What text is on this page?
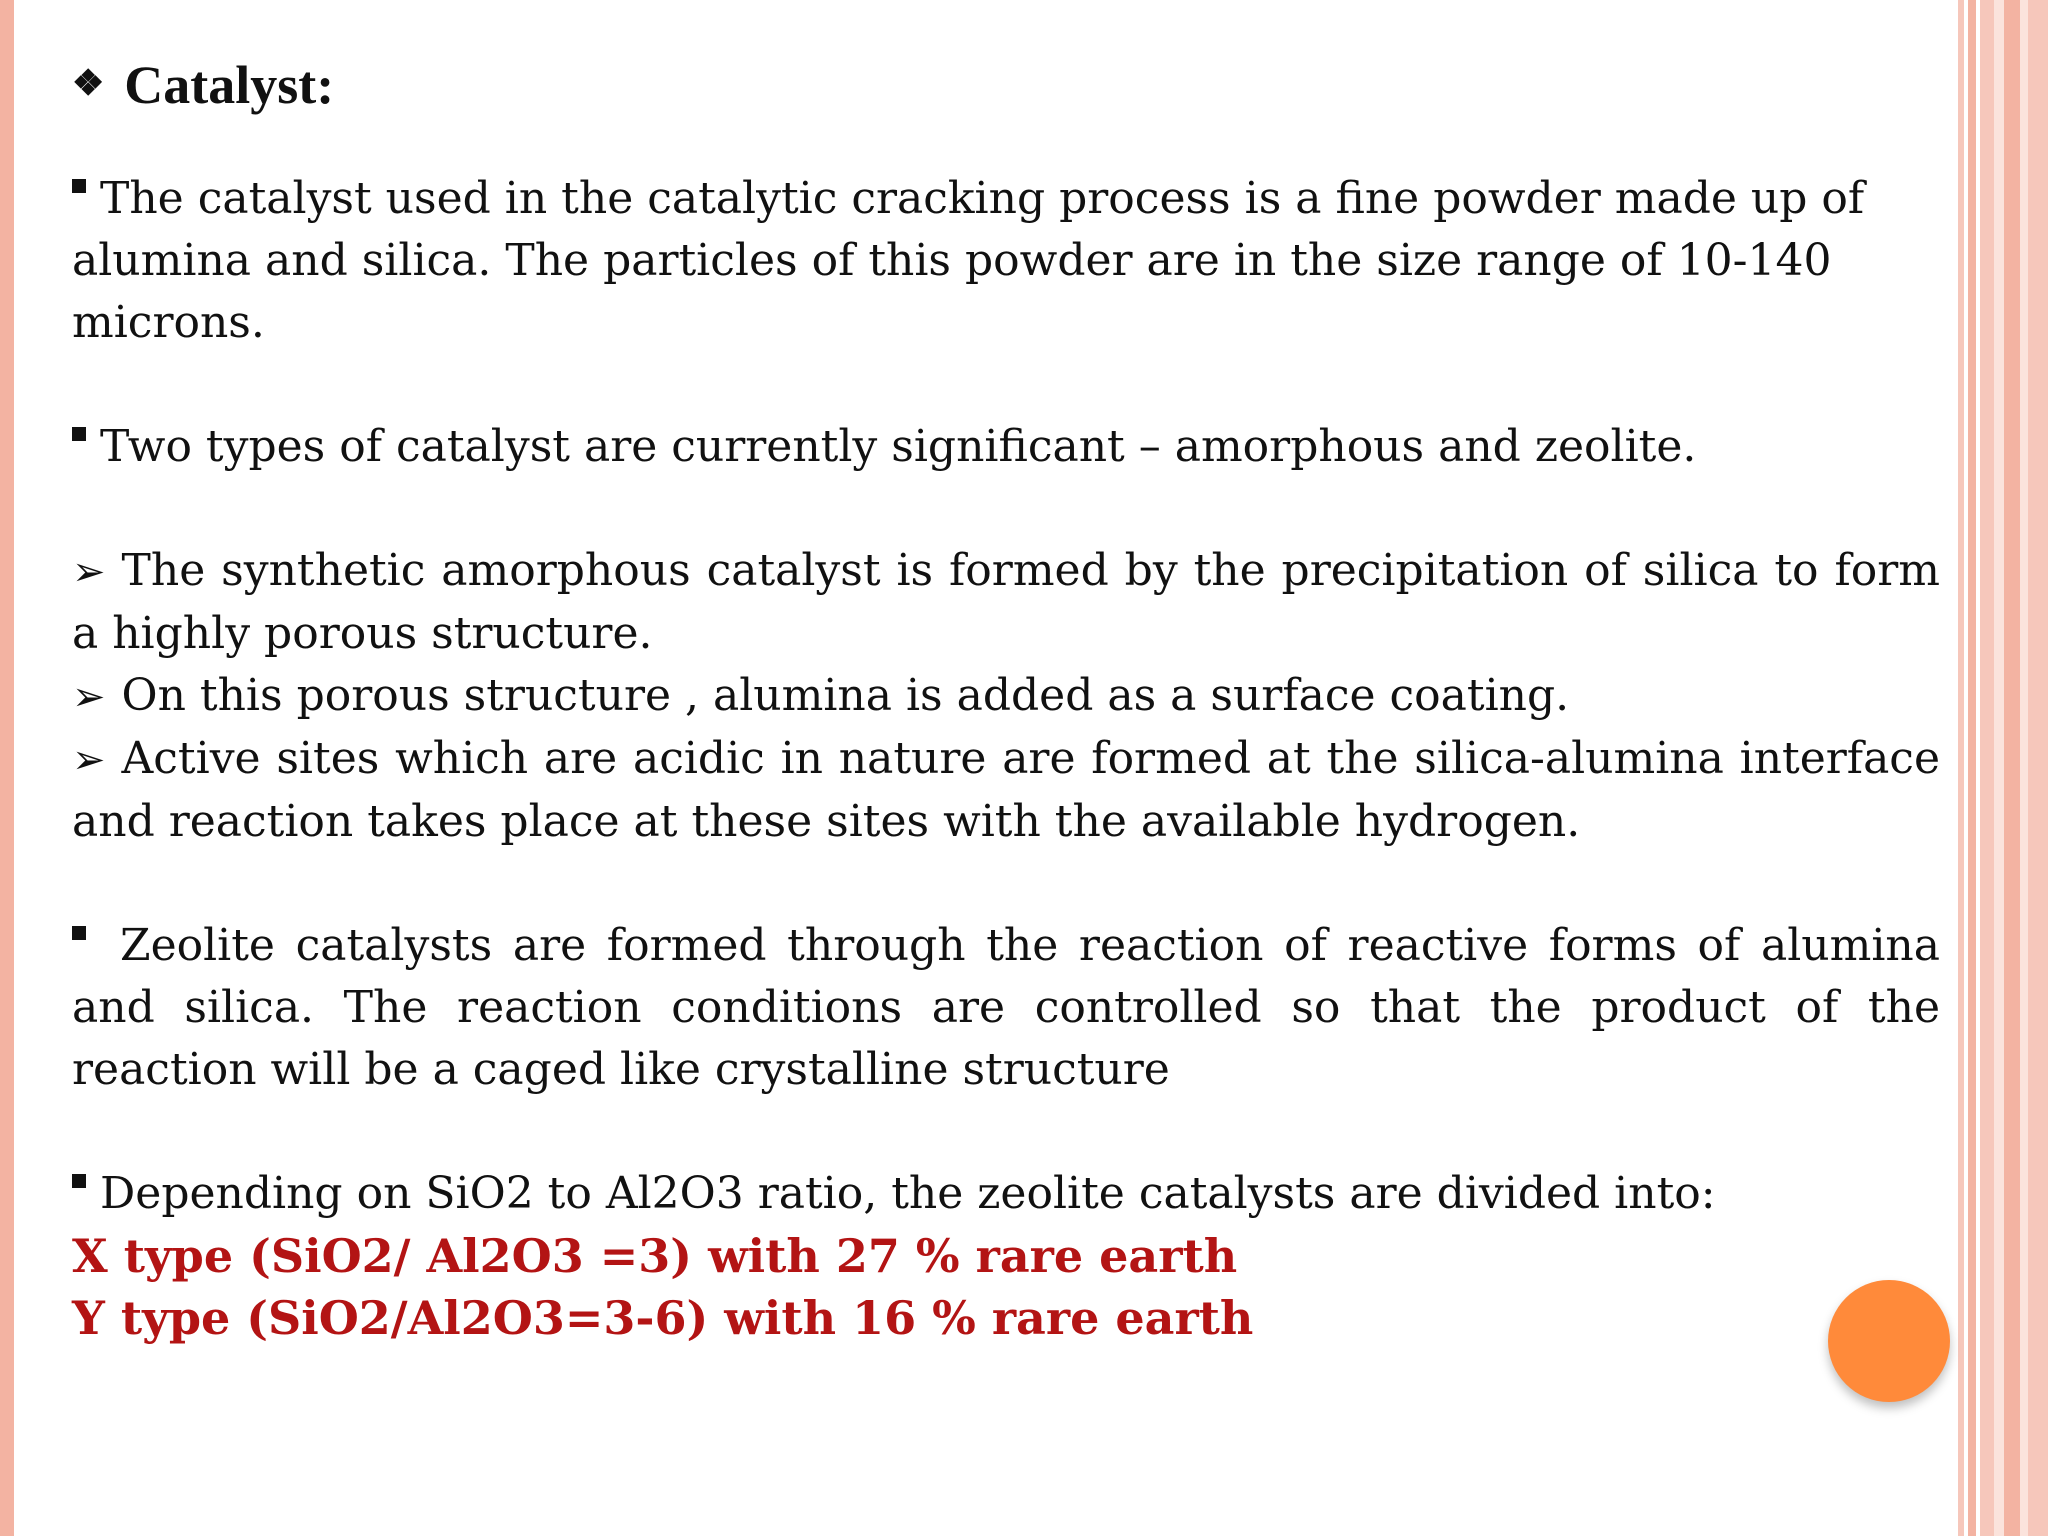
❖ Catalyst:

The catalyst used in the catalytic cracking process is a fine powder made up of alumina and silica. The particles of this powder are in the size range of 10-140 microns.

Two types of catalyst are currently significant – amorphous and zeolite.

➢ The synthetic amorphous catalyst is formed by the precipitation of silica to form a highly porous structure.

➢ On this porous structure , alumina is added as a surface coating.

➢ Active sites which are acidic in nature are formed at the silica-alumina interface and reaction takes place at these sites with the available hydrogen.

Zeolite catalysts are formed through the reaction of reactive forms of alumina and silica. The reaction conditions are controlled so that the product of the reaction will be a caged like crystalline structure

Depending on SiO2 to Al2O3 ratio, the zeolite catalysts are divided into:

X type (SiO2/ Al2O3 =3) with 27 % rare earth

Y type (SiO2/Al2O3=3-6) with 16 % rare earth
